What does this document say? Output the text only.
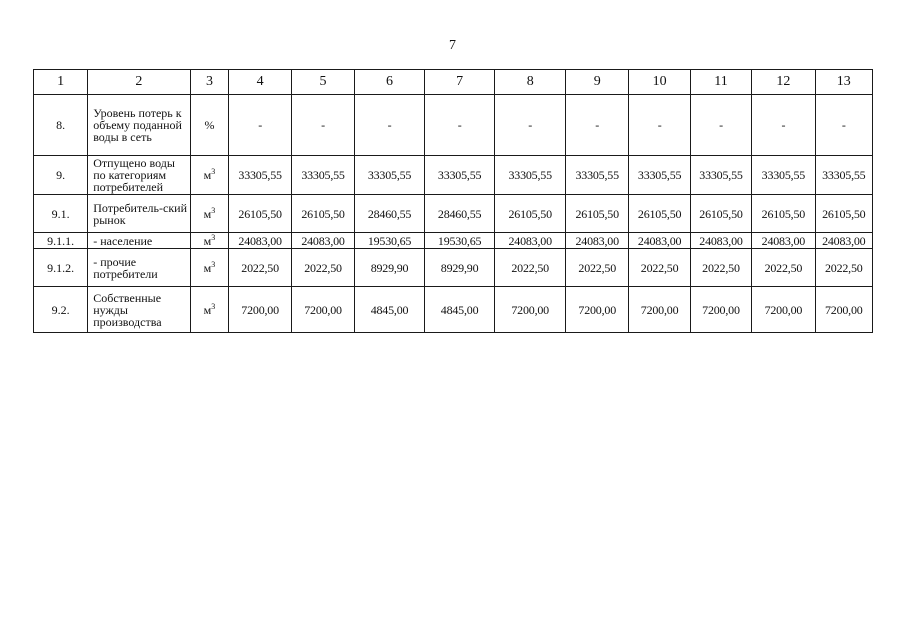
7
1	2	3	4	5	6	7	8	9	10	11	12	13
8.	Уровень потерь к объему поданной воды в сеть	%	-	-	-	-	-	-	-	-	-	-
9.	Отпущено воды по категориям потребителей	$м^3$	33305,55	33305,55	33305,55	33305,55	33305,55	33305,55	33305,55	33305,55	33305,55	33305,55
9.1.	Потребитель-ский рынок	$м^3$	26105,50	26105,50	28460,55	28460,55	26105,50	26105,50	26105,50	26105,50	26105,50	26105,50
9.1.1.	- население	$м^3$	24083,00	24083,00	19530,65	19530,65	24083,00	24083,00	24083,00	24083,00	24083,00	24083,00
9.1.2.	- прочие потребители	$м^3$	2022,50	2022,50	8929,90	8929,90	2022,50	2022,50	2022,50	2022,50	2022,50	2022,50
9.2.	Собственные нужды производства	$м^3$	7200,00	7200,00	4845,00	4845,00	7200,00	7200,00	7200,00	7200,00	7200,00	7200,00
